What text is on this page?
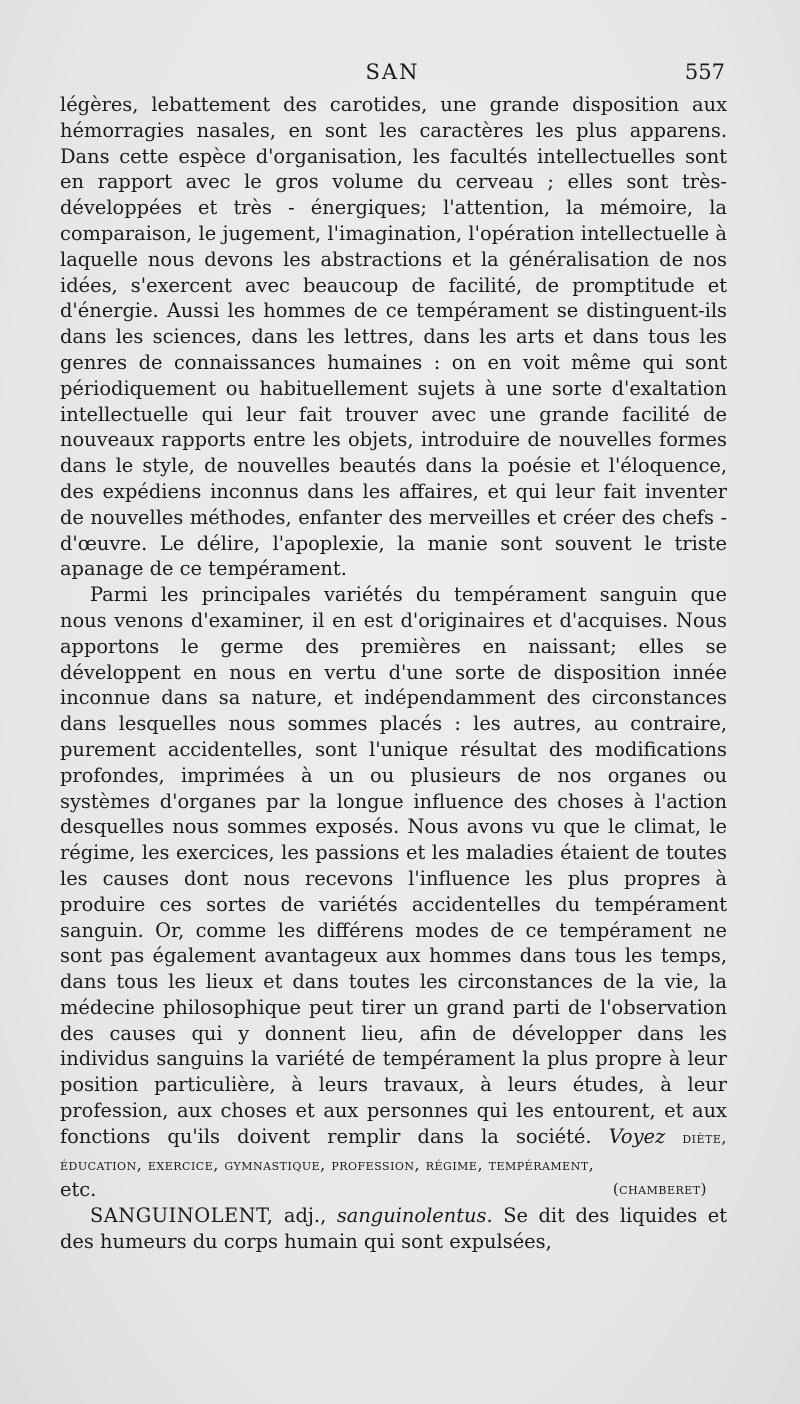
SAN	557

légères, lebattement des carotides, une grande disposition aux hémorragies nasales, en sont les caractères les plus apparens. Dans cette espèce d'organisation, les facultés intellectuelles sont en rapport avec le gros volume du cerveau ; elles sont très-développées et très - énergiques; l'attention, la mémoire, la comparaison, le jugement, l'imagination, l'opération intellectuelle à laquelle nous devons les abstractions et la généralisation de nos idées, s'exercent avec beaucoup de facilité, de promptitude et d'énergie. Aussi les hommes de ce tempérament se distinguent-ils dans les sciences, dans les lettres, dans les arts et dans tous les genres de connaissances humaines : on en voit même qui sont périodiquement ou habituellement sujets à une sorte d'exaltation intellectuelle qui leur fait trouver avec une grande facilité de nouveaux rapports entre les objets, introduire de nouvelles formes dans le style, de nouvelles beautés dans la poésie et l'éloquence, des expédiens inconnus dans les affaires, et qui leur fait inventer de nouvelles méthodes, enfanter des merveilles et créer des chefs - d'œuvre. Le délire, l'apoplexie, la manie sont souvent le triste apanage de ce tempérament.

Parmi les principales variétés du tempérament sanguin que nous venons d'examiner, il en est d'originaires et d'acquises. Nous apportons le germe des premières en naissant; elles se développent en nous en vertu d'une sorte de disposition innée inconnue dans sa nature, et indépendamment des circonstances dans lesquelles nous sommes placés : les autres, au contraire, purement accidentelles, sont l'unique résultat des modifications profondes, imprimées à un ou plusieurs de nos organes ou systèmes d'organes par la longue influence des choses à l'action desquelles nous sommes exposés. Nous avons vu que le climat, le régime, les exercices, les passions et les maladies étaient de toutes les causes dont nous recevons l'influence les plus propres à produire ces sortes de variétés accidentelles du tempérament sanguin. Or, comme les différens modes de ce tempérament ne sont pas également avantageux aux hommes dans tous les temps, dans tous les lieux et dans toutes les circonstances de la vie, la médecine philosophique peut tirer un grand parti de l'observation des causes qui y donnent lieu, afin de développer dans les individus sanguins la variété de tempérament la plus propre à leur position particulière, à leurs travaux, à leurs études, à leur profession, aux choses et aux personnes qui les entourent, et aux fonctions qu'ils doivent remplir dans la société. Voyez diète, éducation, exercice, gymnastique, profession, régime, tempérament,

etc.	(chamberet)

SANGUINOLENT, adj., sanguinolentus. Se dit des liquides et des humeurs du corps humain qui sont expulsées,
